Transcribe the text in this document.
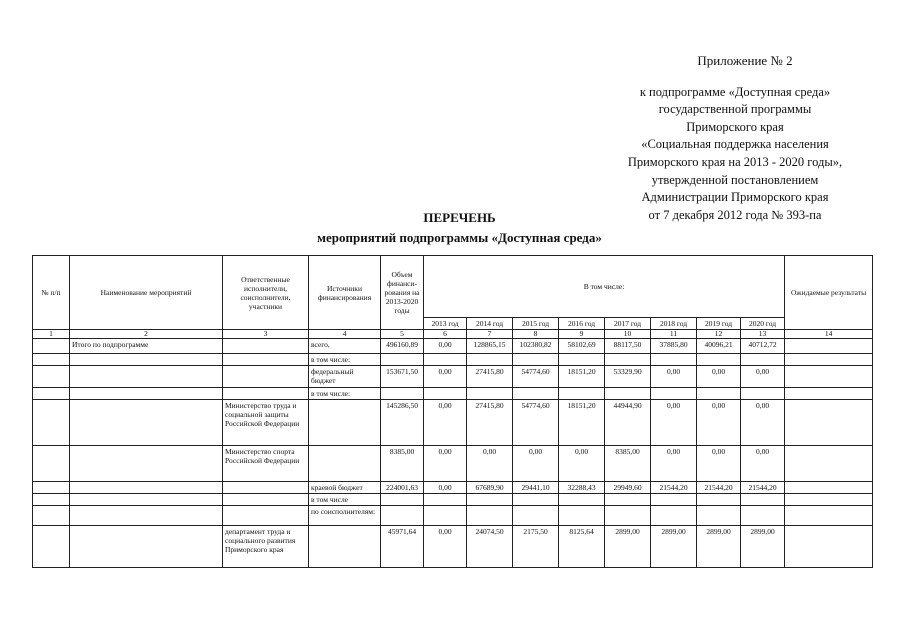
Приложение № 2
к подпрограмме «Доступная среда»
государственной программы
Приморского края
«Социальная поддержка населения
Приморского края на 2013 - 2020 годы»,
утвержденной постановлением
Администрации Приморского края
от 7 декабря 2012 года № 393-па
ПЕРЕЧЕНЬ
мероприятий подпрограммы «Доступная среда»
№ п/п	Наименование мероприятий	Ответственные исполнители, соисполнители, участники	Источники финансирования	Объем финанси-рования на 2013-2020 годы	В том числе:								Ожидаемые результаты
					2013 год	2014 год	2015 год	2016 год	2017 год	2018 год	2019 год	2020 год	
1	2	3	4	5	6	7	8	9	10	11	12	13	14
	Итого по подпрограмме		всего,	496160,89	0,00	128865,15	102380,82	58102,69	88117,50	37885,80	40096,21	40712,72	
			в том числе:										
			федеральный бюджет	153671,50	0,00	27415,80	54774,60	18151,20	53329,90	0,00	0,00	0,00	
			в том числе:										
		Министерство труда и социальной защиты Российской Федерации		145286,50	0,00	27415,80	54774,60	18151,20	44944,90	0,00	0,00	0,00	
		Министерство спорта Российской Федерации		8385,00	0,00	0,00	0,00	0,00	8385,00	0,00	0,00	0,00	
			краевой бюджет	224001,63	0,00	67689,90	29441,10	32288,43	29949,60	21544,20	21544,20	21544,20	
			в том числе										
			по соисполнителям:										
		департамент труда и социального развития Приморского края		45971,64	0,00	24074,50	2175,50	8125,64	2899,00	2899,00	2899,00	2899,00	
